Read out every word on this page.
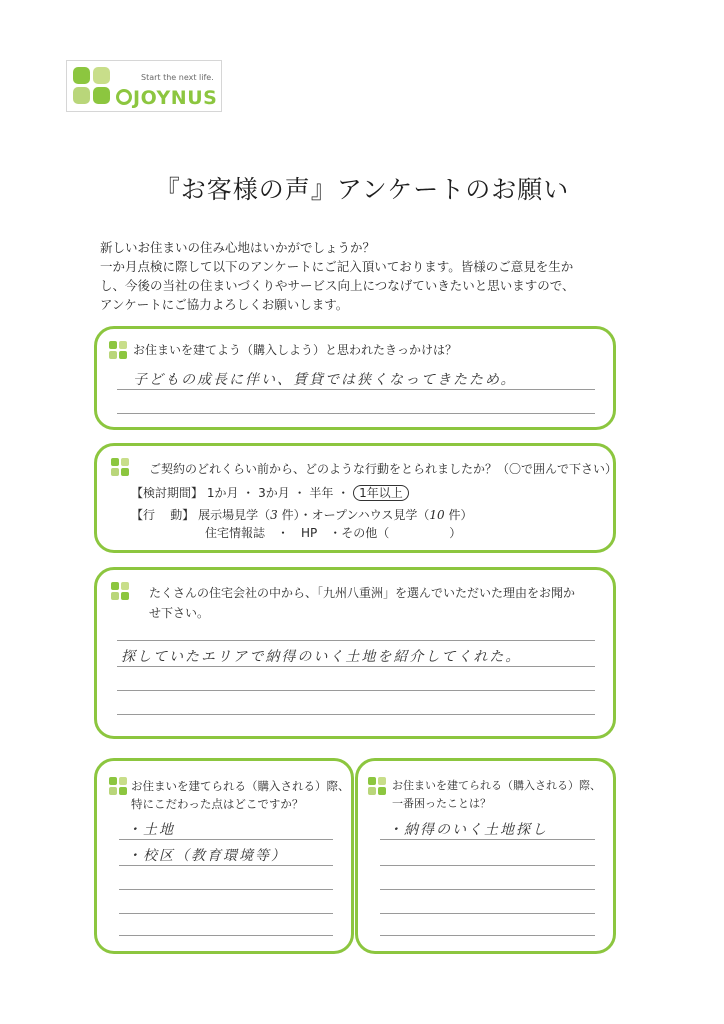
Start the next life.
JOYNUS
『お客様の声』アンケートのお願い
新しいお住まいの住み心地はいかがでしょうか？
一か月点検に際して以下のアンケートにご記入頂いております。皆様のご意見を生か
し、今後の当社の住まいづくりやサービス向上につなげていきたいと思いますので、
アンケートにご協力よろしくお願いします。
お住まいを建てよう（購入しよう）と思われたきっかけは？
子どもの成長に伴い、賃貸では狭くなってきたため。
ご契約のどれくらい前から、どのような行動をとられましたか？（〇で囲んで下さい）
【検討期間】 1か月 ・ 3か月 ・ 半年 ・ 1年以上
【行 動】 展示場見学（3 件）・オープンハウス見学（10 件）
住宅情報誌　・　HP　・その他（　　　　　）
たくさんの住宅会社の中から、「九州八重洲」を選んでいただいた理由をお聞か
せ下さい。
探していたエリアで納得のいく土地を紹介してくれた。
お住まいを建てられる（購入される）際、
特にこだわった点はどこですか？
・土地
・校区（教育環境等）
お住まいを建てられる（購入される）際、
一番困ったことは？
・納得のいく土地探し
